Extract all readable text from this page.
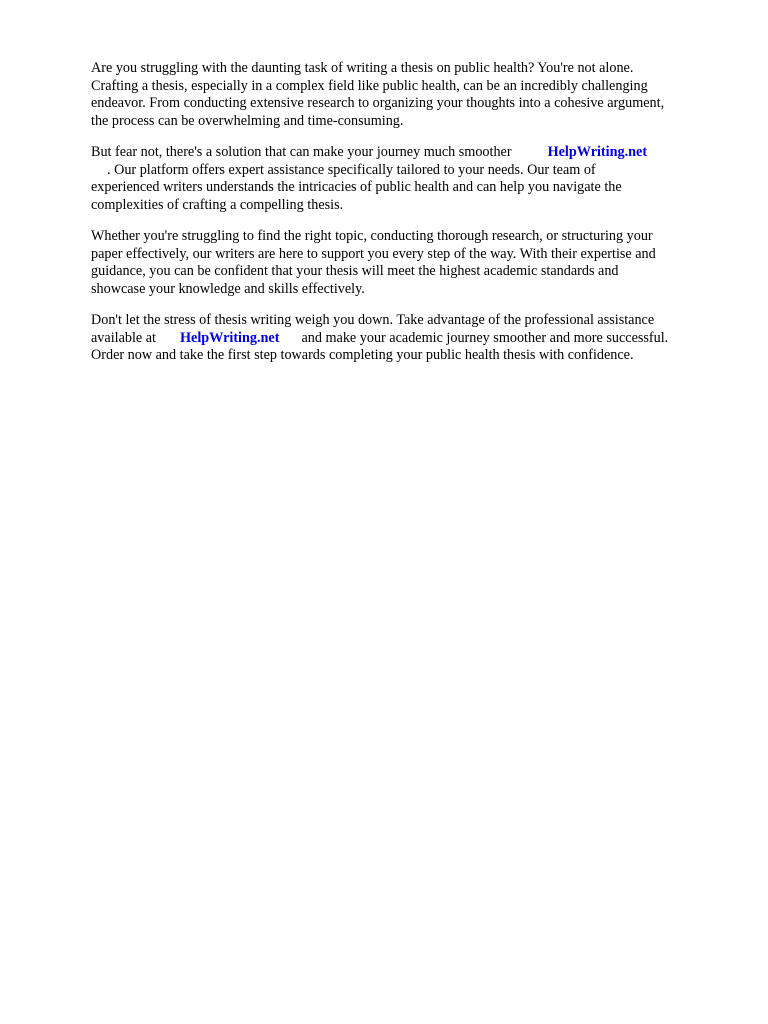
Are you struggling with the daunting task of writing a thesis on public health? You're not alone.
Crafting a thesis, especially in a complex field like public health, can be an incredibly challenging
endeavor. From conducting extensive research to organizing your thoughts into a cohesive argument,
the process can be overwhelming and time-consuming.
But fear not, there's a solution that can make your journey much smoother	HelpWriting.net
. Our platform offers expert assistance specifically tailored to your needs. Our team of
experienced writers understands the intricacies of public health and can help you navigate the
complexities of crafting a compelling thesis.
Whether you're struggling to find the right topic, conducting thorough research, or structuring your
paper effectively, our writers are here to support you every step of the way. With their expertise and
guidance, you can be confident that your thesis will meet the highest academic standards and
showcase your knowledge and skills effectively.
Don't let the stress of thesis writing weigh you down. Take advantage of the professional assistance
available at HelpWriting.net and make your academic journey smoother and more successful.
Order now and take the first step towards completing your public health thesis with confidence.
